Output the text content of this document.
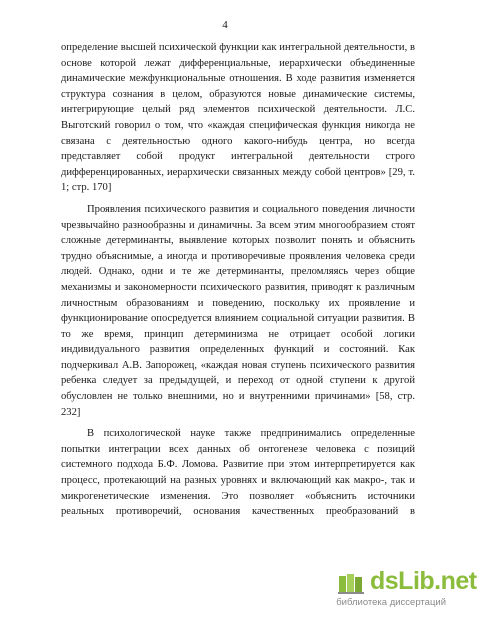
4
определение высшей психической функции как интегральной деятельности, в
основе которой лежат дифференциальные, иерархически объединенные
динамические межфункциональные отношения. В ходе развития изменяется
структура сознания в целом, образуются новые динамические системы,
интегрирующие целый ряд элементов психической деятельности. Л.С.
Выготский говорил о том, что «каждая специфическая функция никогда не
связана с деятельностью одного какого-нибудь центра, но всегда
представляет собой продукт интегральной деятельности строго
дифференцированных, иерархически связанных между собой центров» [29, т.
1; стр. 170]
Проявления психического развития и социального поведения личности
чрезвычайно разнообразны и динамичны. За всем этим многообразием стоят
сложные детерминанты, выявление которых позволит понять и объяснить
трудно объяснимые, а иногда и противоречивые проявления человека среди
людей. Однако, одни и те же детерминанты, преломляясь через общие
механизмы и закономерности психического развития, приводят к различным
личностным образованиям и поведению, поскольку их проявление и
функционирование опосредуется влиянием социальной ситуации развития. В
то же время, принцип детерминизма не отрицает особой логики
индивидуального развития определенных функций и состояний. Как
подчеркивал А.В. Запорожец, «каждая новая ступень психического развития
ребенка следует за предыдущей, и переход от одной ступени к другой
обусловлен не только внешними, но и внутренними причинами» [58, стр.
232]
В психологической науке также предпринимались определенные
попытки интеграции всех данных об онтогенезе человека с позиций
системного подхода Б.Ф. Ломова. Развитие при этом интерпретируется как
процесс, протекающий на разных уровнях и включающий как макро-, так и
микрогенетические изменения. Это позволяет «объяснить источники
реальных противоречий, основания качественных преобразований в
dsLib.net
библиотека диссертаций
